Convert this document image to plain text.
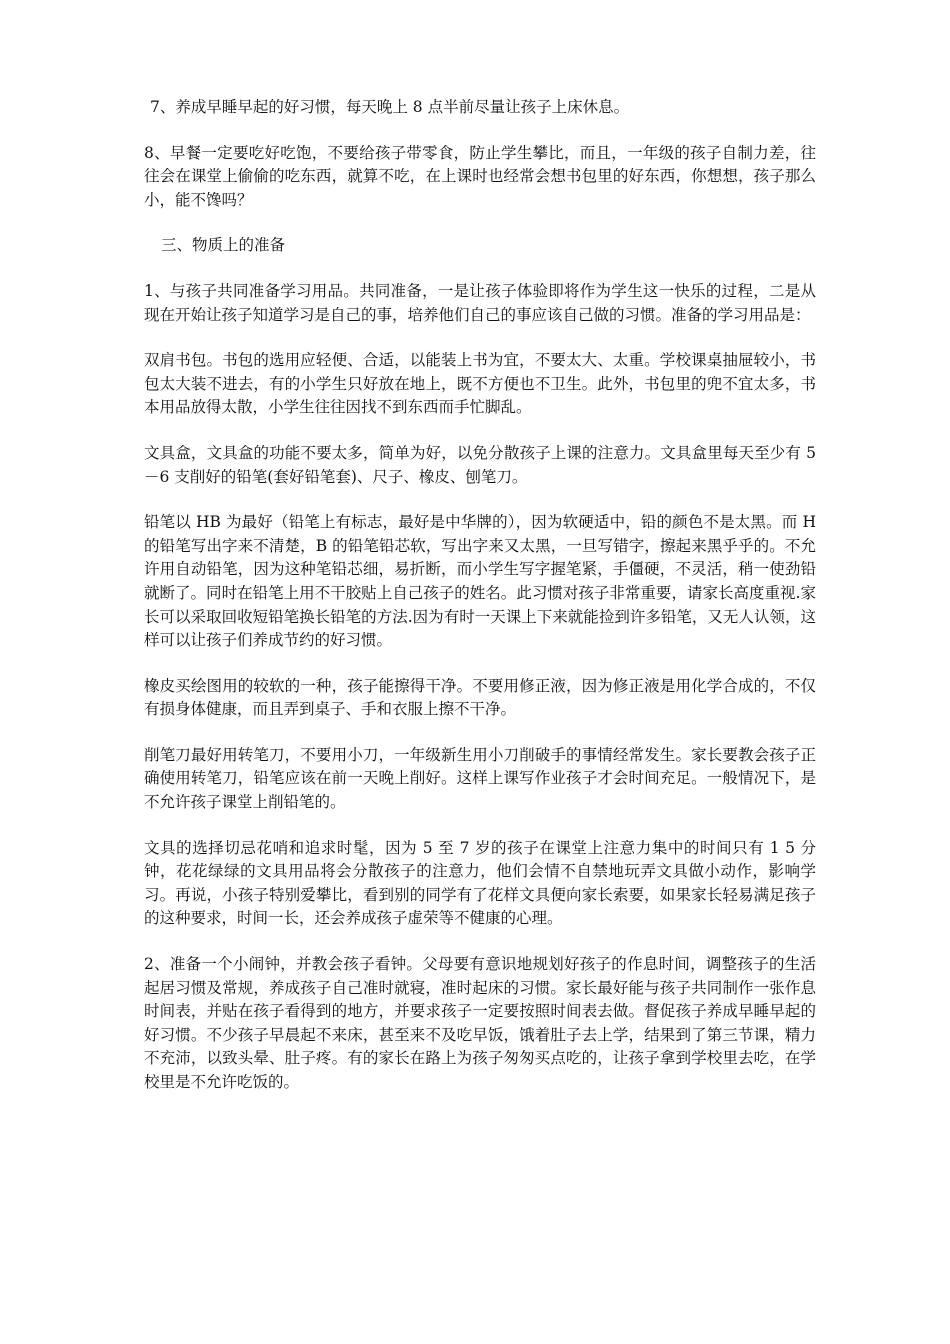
7、养成早睡早起的好习惯，每天晚上 8 点半前尽量让孩子上床休息。

8、早餐一定要吃好吃饱，不要给孩子带零食，防止学生攀比，而且，一年级的孩子自制力差，往往会在课堂上偷偷的吃东西，就算不吃，在上课时也经常会想书包里的好东西，你想想，孩子那么小，能不馋吗？

三、物质上的准备

1、与孩子共同准备学习用品。共同准备，一是让孩子体验即将作为学生这一快乐的过程，二是从现在开始让孩子知道学习是自己的事，培养他们自己的事应该自己做的习惯。准备的学习用品是：

双肩书包。书包的选用应轻便、合适，以能装上书为宜，不要太大、太重。学校课桌抽屉较小，书包太大装不进去，有的小学生只好放在地上，既不方便也不卫生。此外，书包里的兜不宜太多，书本用品放得太散，小学生往往因找不到东西而手忙脚乱。

文具盒，文具盒的功能不要太多，简单为好，以免分散孩子上课的注意力。文具盒里每天至少有 5－6 支削好的铅笔(套好铅笔套)、尺子、橡皮、刨笔刀。

铅笔以 HB 为最好（铅笔上有标志，最好是中华牌的），因为软硬适中，铅的颜色不是太黑。而 H 的铅笔写出字来不清楚，B 的铅笔铅芯软，写出字来又太黑，一旦写错字，擦起来黑乎乎的。不允许用自动铅笔，因为这种笔铅芯细，易折断，而小学生写字握笔紧，手僵硬，不灵活，稍一使劲铅就断了。同时在铅笔上用不干胶贴上自己孩子的姓名。此习惯对孩子非常重要，请家长高度重视.家长可以采取回收短铅笔换长铅笔的方法.因为有时一天课上下来就能捡到许多铅笔，又无人认领，这样可以让孩子们养成节约的好习惯。

橡皮买绘图用的较软的一种，孩子能擦得干净。不要用修正液，因为修正液是用化学合成的，不仅有损身体健康，而且弄到桌子、手和衣服上擦不干净。

削笔刀最好用转笔刀，不要用小刀，一年级新生用小刀削破手的事情经常发生。家长要教会孩子正确使用转笔刀，铅笔应该在前一天晚上削好。这样上课写作业孩子才会时间充足。一般情况下，是不允许孩子课堂上削铅笔的。

文具的选择切忌花哨和追求时髦，因为 5 至 7 岁的孩子在课堂上注意力集中的时间只有 1 5 分钟，花花绿绿的文具用品将会分散孩子的注意力，他们会情不自禁地玩弄文具做小动作，影响学习。再说，小孩子特别爱攀比，看到别的同学有了花样文具便向家长索要，如果家长轻易满足孩子的这种要求，时间一长，还会养成孩子虚荣等不健康的心理。

2、准备一个小闹钟，并教会孩子看钟。父母要有意识地规划好孩子的作息时间，调整孩子的生活起居习惯及常规，养成孩子自己准时就寝，准时起床的习惯。家长最好能与孩子共同制作一张作息时间表，并贴在孩子看得到的地方，并要求孩子一定要按照时间表去做。督促孩子养成早睡早起的好习惯。不少孩子早晨起不来床，甚至来不及吃早饭，饿着肚子去上学，结果到了第三节课，精力不充沛，以致头晕、肚子疼。有的家长在路上为孩子匆匆买点吃的，让孩子拿到学校里去吃，在学校里是不允许吃饭的。
